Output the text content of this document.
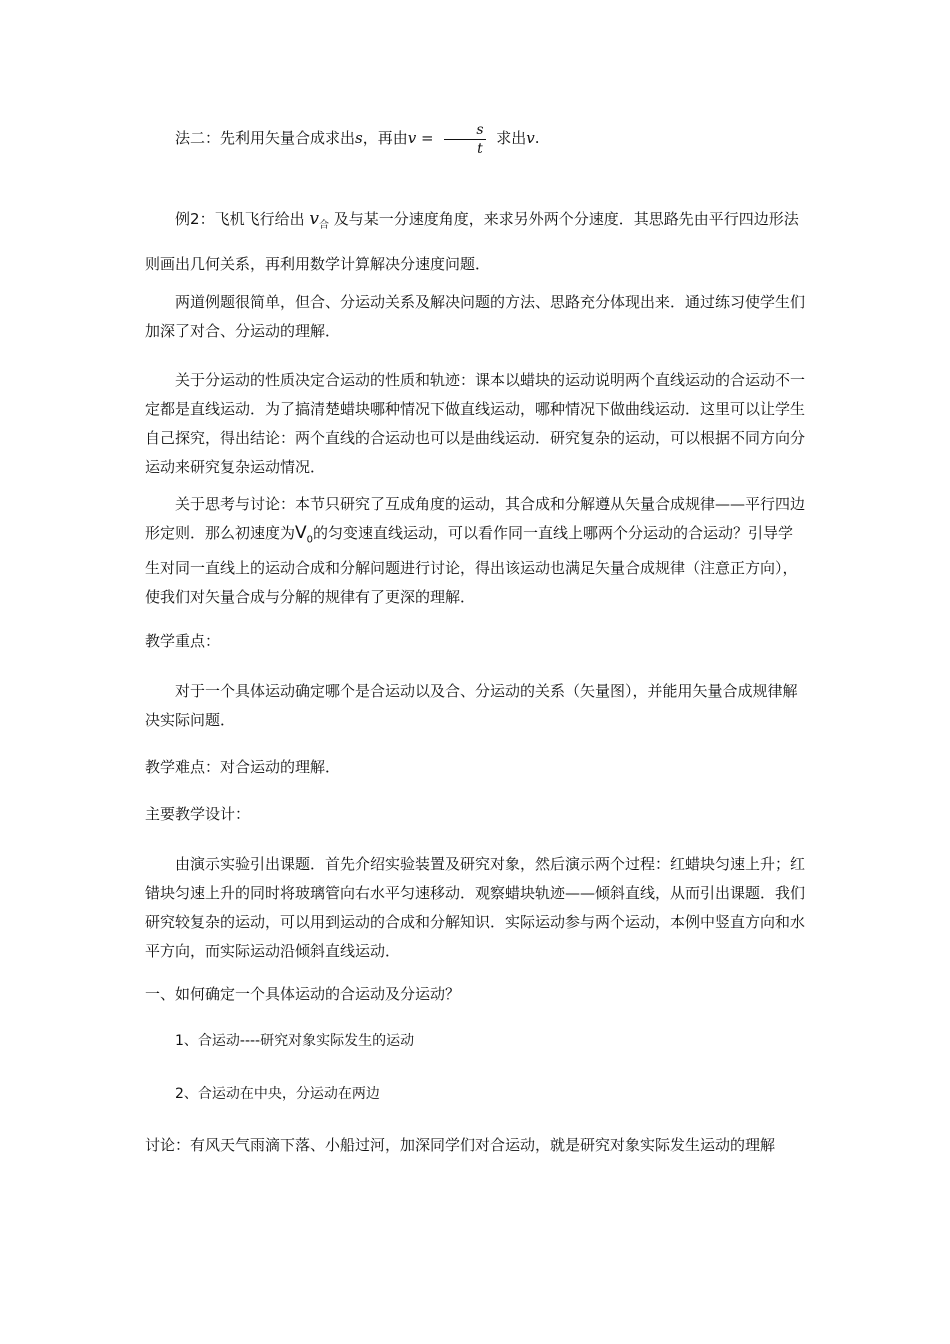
法二：先利用矢量合成求出s，再由$v = \frac{s}{t}$ 求出v.

例2：飞机飞行给出 $v_合$ 及与某一分速度角度，来求另外两个分速度．其思路先由平行四边形法则画出几何关系，再利用数学计算解决分速度问题．

两道例题很简单，但合、分运动关系及解决问题的方法、思路充分体现出来．通过练习使学生们加深了对合、分运动的理解．

关于分运动的性质决定合运动的性质和轨迹：课本以蜡块的运动说明两个直线运动的合运动不一定都是直线运动．为了搞清楚蜡块哪种情况下做直线运动，哪种情况下做曲线运动．这里可以让学生自己探究，得出结论：两个直线的合运动也可以是曲线运动．研究复杂的运动，可以根据不同方向分运动来研究复杂运动情况．

关于思考与讨论：本节只研究了互成角度的运动，其合成和分解遵从矢量合成规律——平行四边形定则．那么初速度为$V_0$的匀变速直线运动，可以看作同一直线上哪两个分运动的合运动？引导学生对同一直线上的运动合成和分解问题进行讨论，得出该运动也满足矢量合成规律（注意正方向），使我们对矢量合成与分解的规律有了更深的理解．

教学重点：

对于一个具体运动确定哪个是合运动以及合、分运动的关系（矢量图），并能用矢量合成规律解决实际问题．

教学难点：对合运动的理解．

主要教学设计：

由演示实验引出课题．首先介绍实验装置及研究对象，然后演示两个过程：红蜡块匀速上升；红错块匀速上升的同时将玻璃管向右水平匀速移动．观察蜡块轨迹——倾斜直线，从而引出课题．我们研究较复杂的运动，可以用到运动的合成和分解知识．实际运动参与两个运动，本例中竖直方向和水平方向，而实际运动沿倾斜直线运动．

一、如何确定一个具体运动的合运动及分运动？

1、合运动----研究对象实际发生的运动

2、合运动在中央，分运动在两边

讨论：有风天气雨滴下落、小船过河，加深同学们对合运动，就是研究对象实际发生运动的理解
